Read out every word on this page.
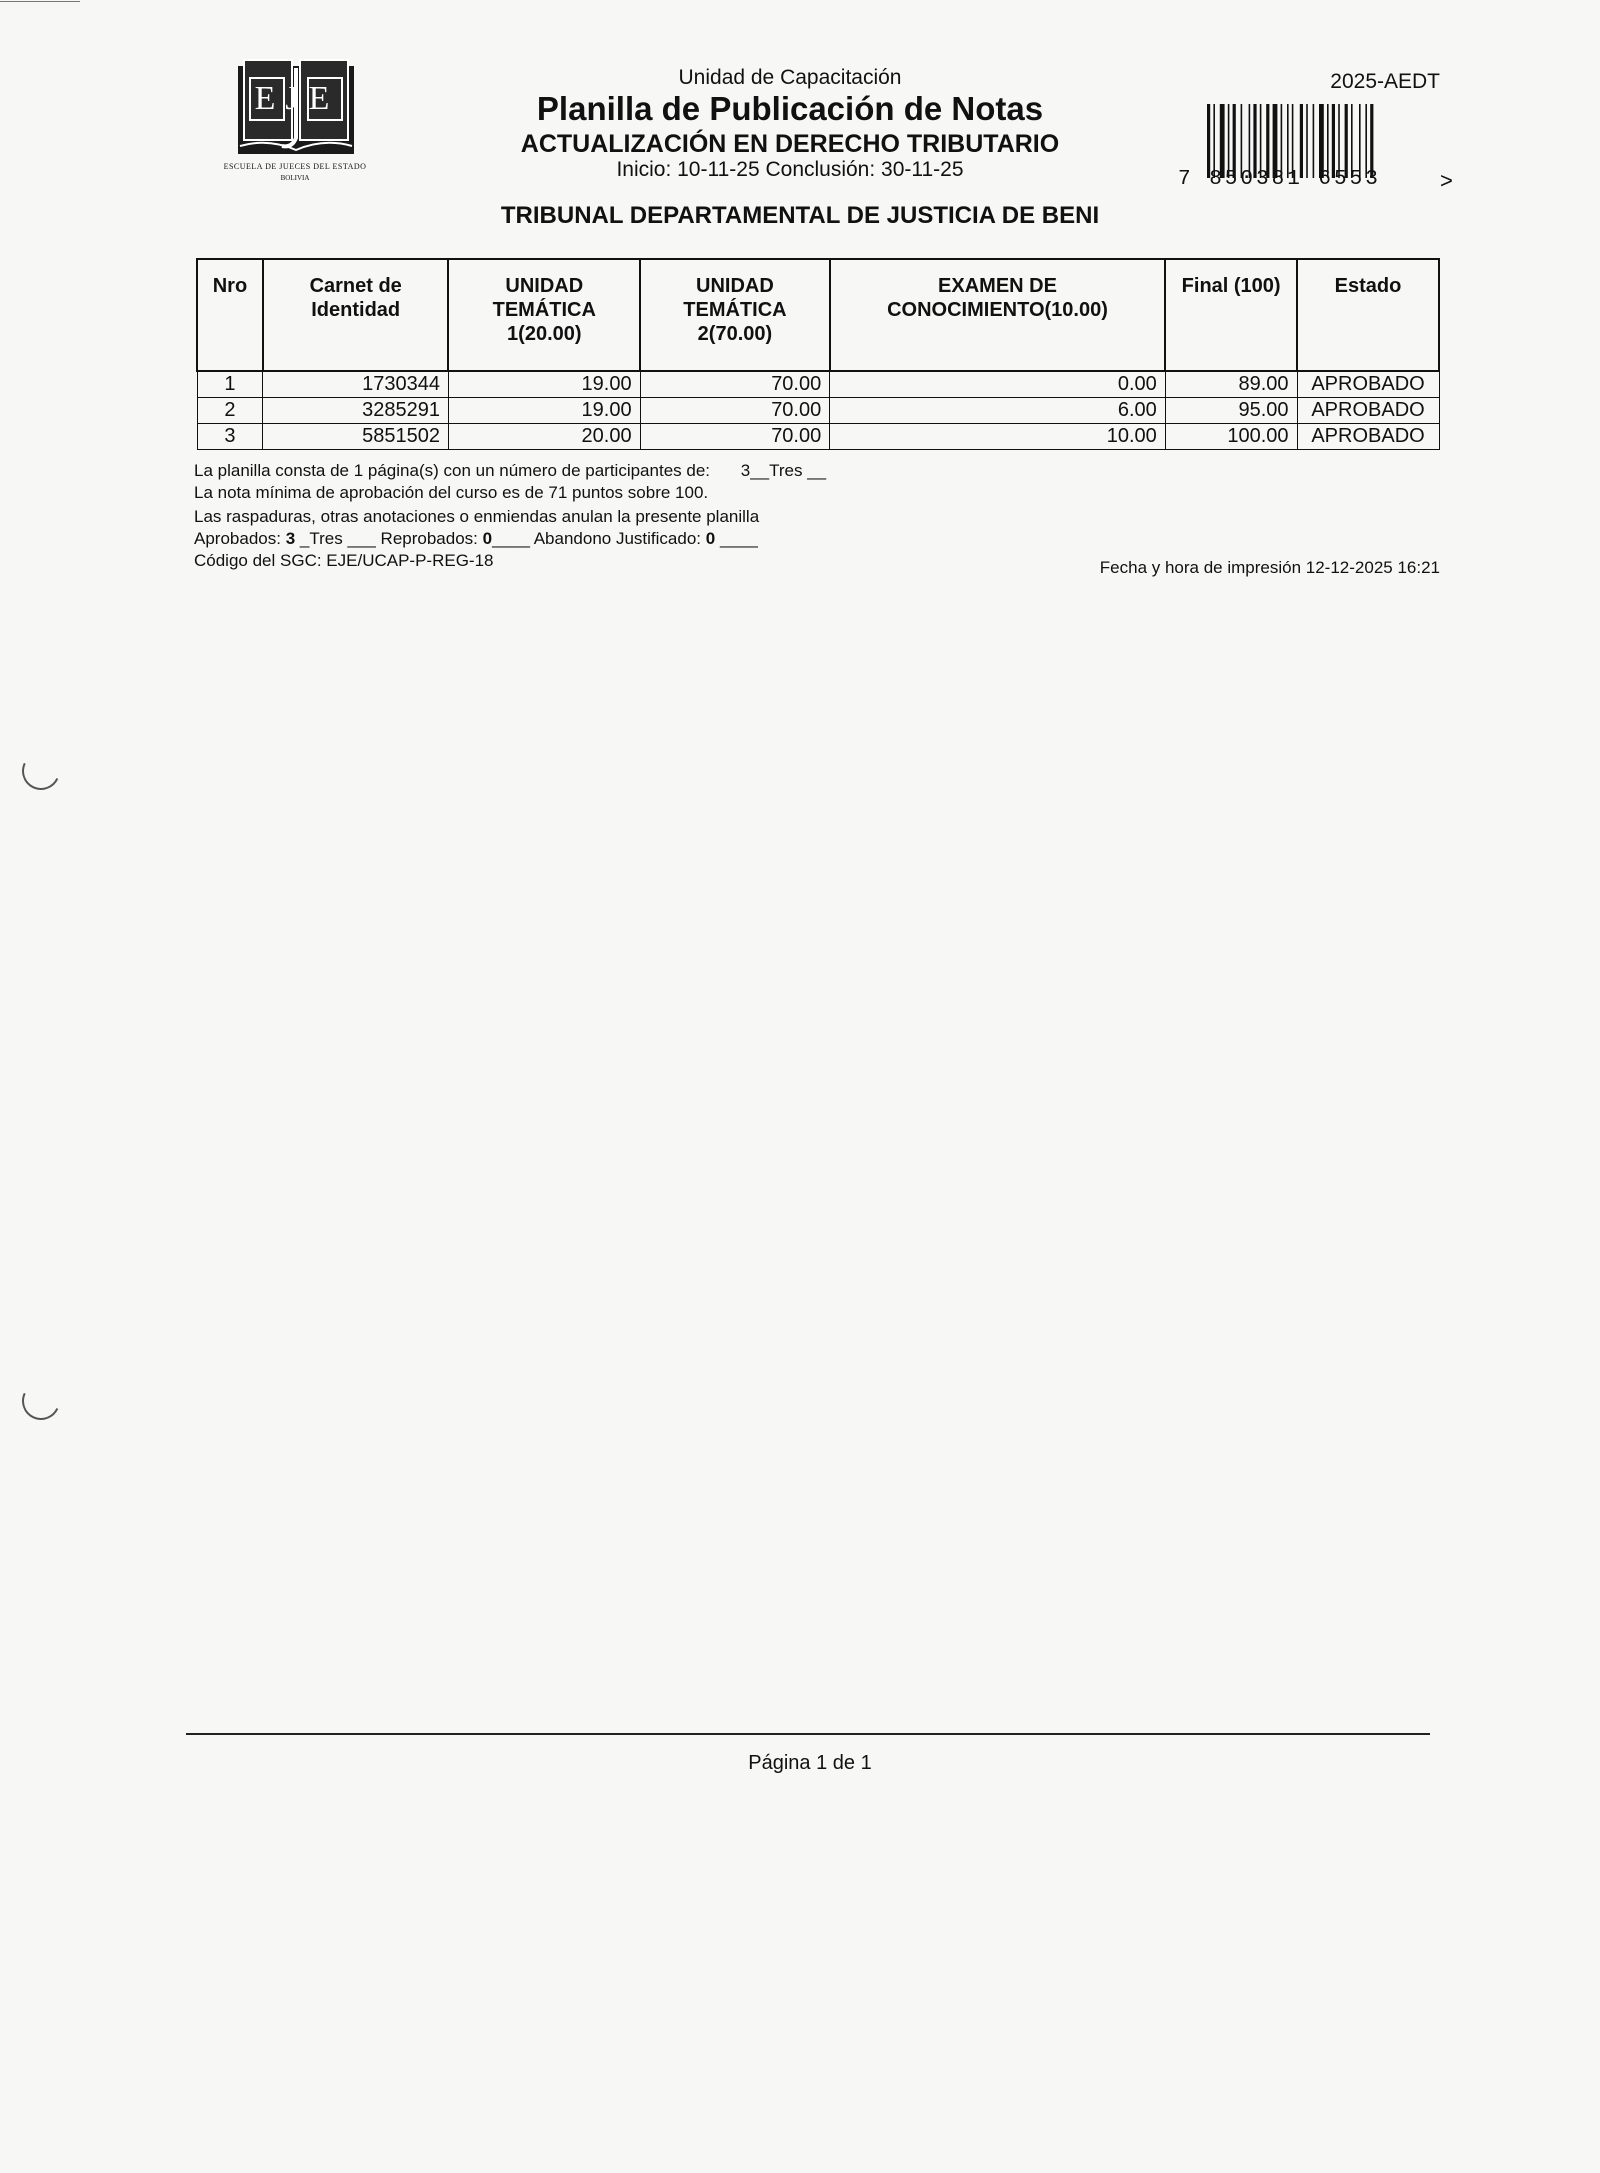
EJE
ESCUELA DE JUECES DEL ESTADO
BOLIVIA
Unidad de Capacitación
Planilla de Publicación de Notas
ACTUALIZACIÓN EN DERECHO TRIBUTARIO
Inicio: 10-11-25 Conclusión: 30-11-25
TRIBUNAL DEPARTAMENTAL DE JUSTICIA DE BENI
2025-AEDT
7 850381 6553	>
Nro	Carnet de Identidad	UNIDAD TEMÁTICA 1(20.00)	UNIDAD TEMÁTICA 2(70.00)	EXAMEN DE CONOCIMIENTO(10.00)	Final (100)	Estado
1	1730344	19.00	70.00	0.00	89.00	APROBADO
2	3285291	19.00	70.00	6.00	95.00	APROBADO
3	5851502	20.00	70.00	10.00	100.00	APROBADO
La planilla consta de 1 página(s) con un número de participantes de: 3__Tres __
La nota mínima de aprobación del curso es de 71 puntos sobre 100.
Las raspaduras, otras anotaciones o enmiendas anulan la presente planilla
Aprobados: 3 _Tres ___ Reprobados: 0____ Abandono Justificado: 0 ____
Código del SGC: EJE/UCAP-P-REG-18	Fecha y hora de impresión 12-12-2025 16:21
Página 1 de 1
